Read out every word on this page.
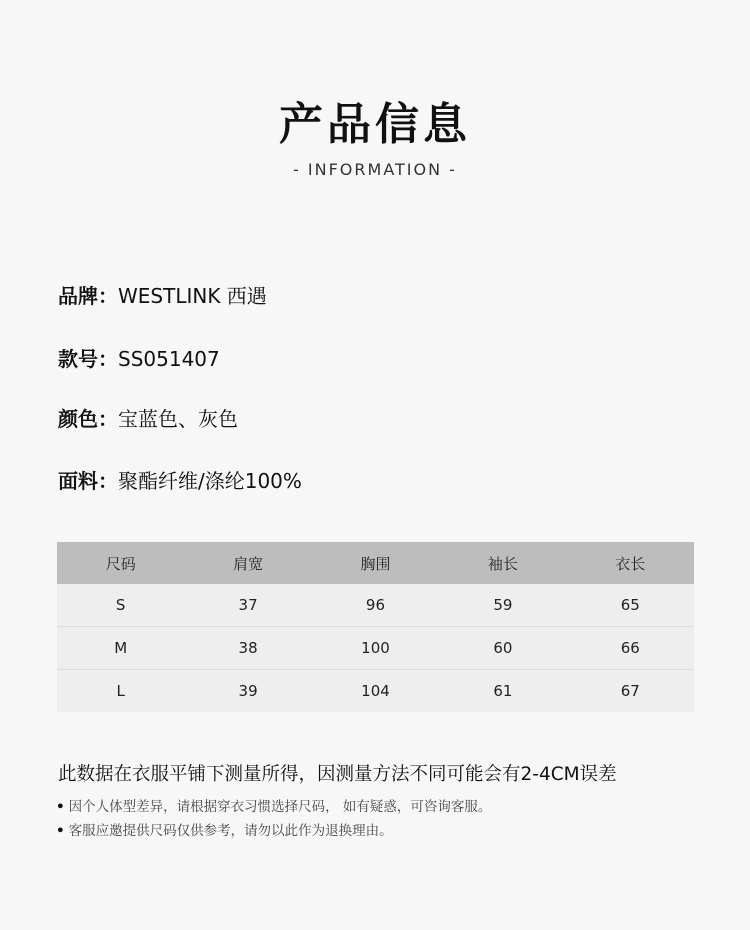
产品信息
- INFORMATION -
品牌：WESTLINK 西遇
款号：SS051407
颜色：宝蓝色、灰色
面料：聚酯纤维/涤纶100%
尺码	肩宽	胸围	袖长	衣长
S	37	96	59	65
M	38	100	60	66
L	39	104	61	67
此数据在衣服平铺下测量所得，因测量方法不同可能会有2-4CM误差
• 因个人体型差异，请根据穿衣习惯选择尺码， 如有疑惑，可咨询客服。
• 客服应邀提供尺码仅供参考，请勿以此作为退换理由。
